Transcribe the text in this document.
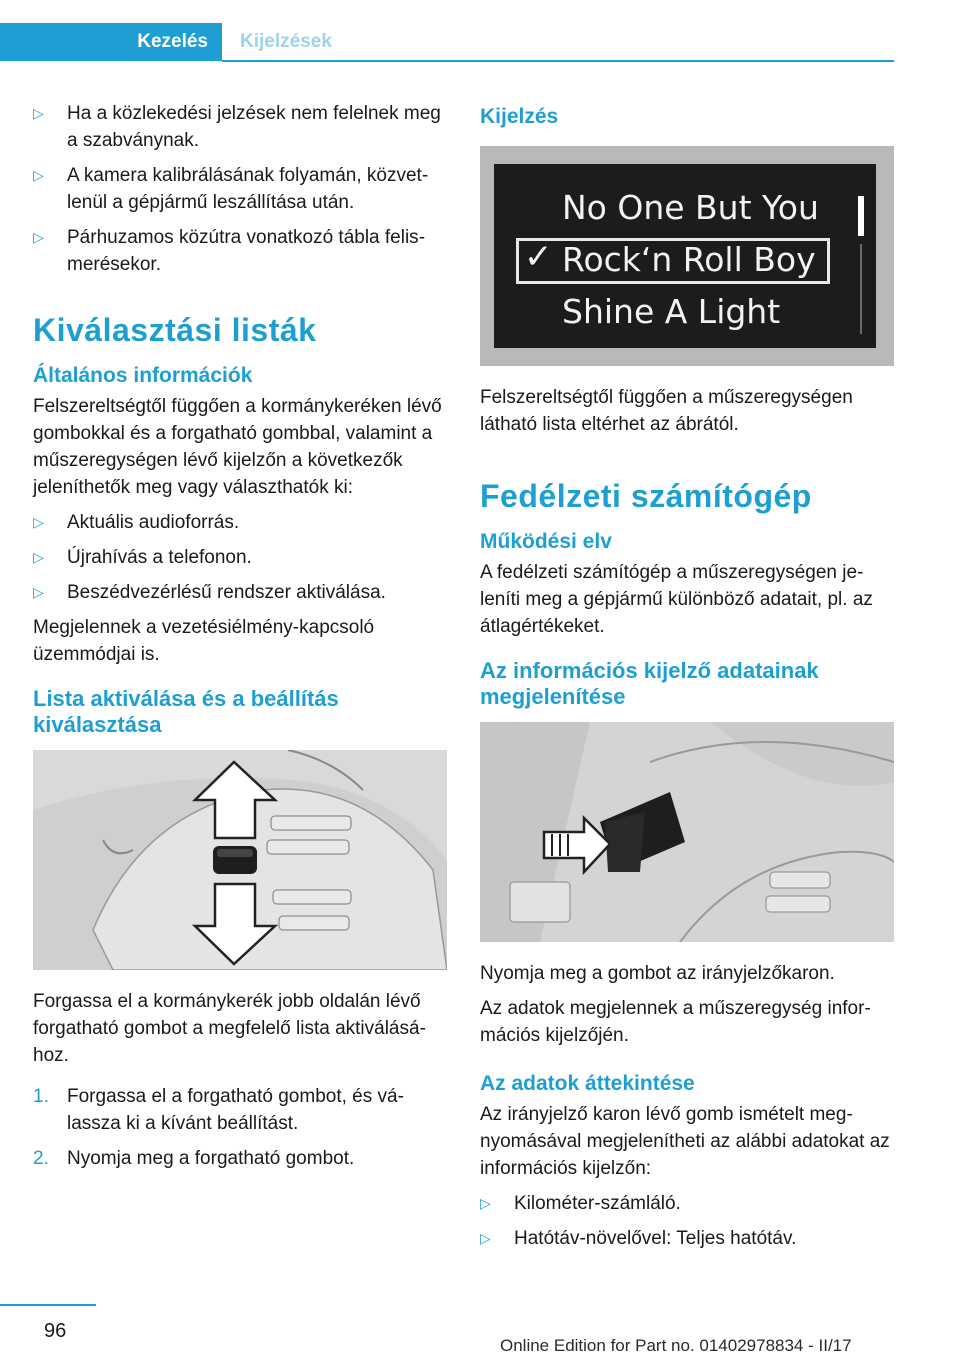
Kezelés Kijelzések
▷ Ha a közlekedési jelzések nem felelnek meg a szabványnak.
▷ A kamera kalibrálásának folyamán, közvetlenül a gépjármű leszállítása után.
▷ Párhuzamos közútra vonatkozó tábla felismerésekor.
Kiválasztási listák
Általános információk

Felszereltségtől függően a kormánykeréken lévő gombokkal és a forgatható gombbal, valamint a műszeregységen lévő kijelzőn a következők jeleníthetők meg vagy választhatók ki:

▷ Aktuális audioforrás.
▷ Újrahívás a telefonon.
▷ Beszédvezérlésű rendszer aktiválása.

Megjelennek a vezetésiélmény-kapcsoló üzemmódjai is.

Lista aktiválása és a beállítás kiválasztása

Forgassa el a kormánykerék jobb oldalán lévő forgatható gombot a megfelelő lista aktiválásához.

1. Forgassa el a forgatható gombot, és válassza ki a kívánt beállítást.
2. Nyomja meg a forgatható gombot.
Kijelzés
No One But You
✓ Rock‘n Roll Boy
Shine A Light

Felszereltségtől függően a műszeregységen látható lista eltérhet az ábrától.

Fedélzeti számítógép
Működési elv

A fedélzeti számítógép a műszeregységen jeleníti meg a gépjármű különböző adatait, pl. az átlagértékeket.

Az információs kijelző adatainak megjelenítése

Nyomja meg a gombot az irányjelzőkaron.

Az adatok megjelennek a műszeregység információs kijelzőjén.

Az adatok áttekintése

Az irányjelző karon lévő gomb ismételt megnyomásával megjelenítheti az alábbi adatokat az információs kijelzőn:

▷ Kilométer-számláló.
▷ Hatótáv-növelővel: Teljes hatótáv.
96
Online Edition for Part no. 01402978834 - II/17
